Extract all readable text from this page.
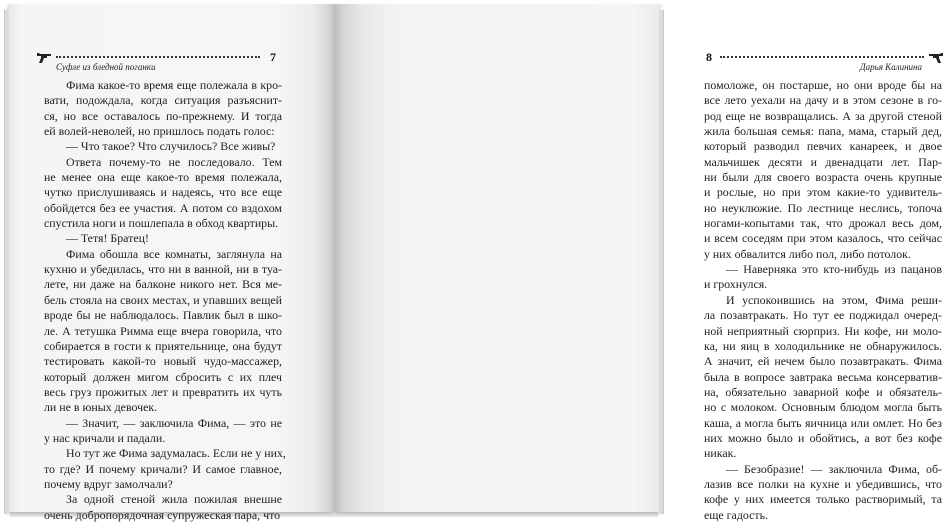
7
Суфле из бледной поганки

Фима какое-то время еще полежала в кро-
вати, подождала, когда ситуация разъяснит-
ся, но все оставалось по-прежнему. И тогда
ей волей-неволей, но пришлось подать голос:

— Что такое? Что случилось? Все живы?

Ответа почему-то не последовало. Тем
не менее она еще какое-то время полежала,
чутко прислушиваясь и надеясь, что все еще
обойдется без ее участия. А потом со вздохом
спустила ноги и пошлепала в обход квартиры.

— Тетя! Братец!

Фима обошла все комнаты, заглянула на
кухню и убедилась, что ни в ванной, ни в туа-
лете, ни даже на балконе никого нет. Вся ме-
бель стояла на своих местах, и упавших вещей
вроде бы не наблюдалось. Павлик был в шко-
ле. А тетушка Римма еще вчера говорила, что
собирается в гости к приятельнице, она будут
тестировать какой-то новый чудо-массажер,
который должен мигом сбросить с их плеч
весь груз прожитых лет и превратить их чуть
ли не в юных девочек.

— Значит, — заключила Фима, — это не
у нас кричали и падали.

Но тут же Фима задумалась. Если не у них,
то где? И почему кричали? И самое главное,
почему вдруг замолчали?

За одной стеной жила пожилая внешне
очень добропорядочная супружеская пара, что

8
Дарья Калинина

помоложе, он постарше, но они вроде бы на
все лето уехали на дачу и в этом сезоне в го-
род еще не возвращались. А за другой стеной
жила большая семья: папа, мама, старый дед,
который разводил певчих канареек, и двое
мальчишек десяти и двенадцати лет. Пар-
ни были для своего возраста очень крупные
и рослые, но при этом какие-то удивитель-
но неуклюжие. По лестнице неслись, топоча
ногами-копытами так, что дрожал весь дом,
и всем соседям при этом казалось, что сейчас
у них обвалится либо пол, либо потолок.

— Наверняка это кто-нибудь из пацанов
и грохнулся.

И успокоившись на этом, Фима реши-
ла позавтракать. Но тут ее поджидал очеред-
ной неприятный сюрприз. Ни кофе, ни моло-
ка, ни яиц в холодильнике не обнаружилось.
А значит, ей нечем было позавтракать. Фима
была в вопросе завтрака весьма консерватив-
на, обязательно заварной кофе и обязатель-
но с молоком. Основным блюдом могла быть
каша, а могла быть яичница или омлет. Но без
них можно было и обойтись, а вот без кофе
никак.

— Безобразие! — заключила Фима, об-
лазив все полки на кухне и убедившись, что
кофе у них имеется только растворимый, та
еще гадость.
